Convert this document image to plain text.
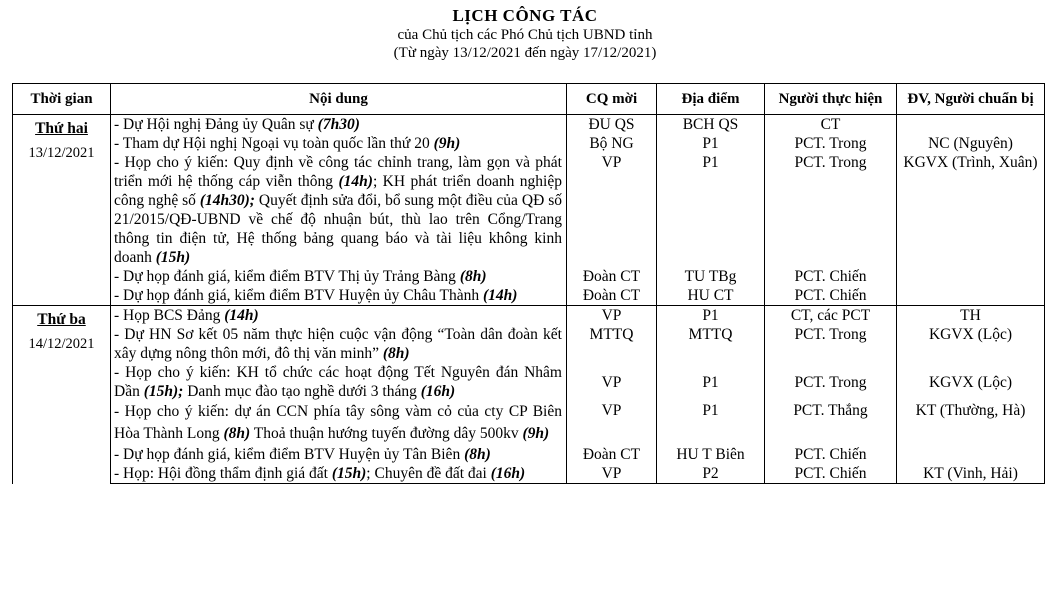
LỊCH CÔNG TÁC
của Chủ tịch các Phó Chủ tịch UBND tỉnh
(Từ ngày 13/12/2021 đến ngày 17/12/2021)
Thời gian	Nội dung	CQ mời	Địa điểm	Người thực hiện	ĐV, Người chuẩn bị

Thứ hai
13/12/2021	- Dự Hội nghị Đảng ủy Quân sự (7h30)	ĐU QS	BCH QS	CT	
	- Tham dự Hội nghị Ngoại vụ toàn quốc lần thứ 20 (9h)	Bộ NG	P1	PCT. Trong	NC (Nguyên)
	- Họp cho ý kiến: Quy định về công tác chỉnh trang, làm gọn và phát triển mới hệ thống cáp viễn thông (14h); KH phát triển doanh nghiệp công nghệ số (14h30); Quyết định sửa đổi, bổ sung một điều của QĐ số 21/2015/QĐ-UBND về chế độ nhuận bút, thù lao trên Cổng/Trang thông tin điện tử, Hệ thống bảng quang báo và tài liệu không kinh doanh (15h)	VP	P1	PCT. Trong	KGVX (Trình, Xuân)
	- Dự họp đánh giá, kiểm điểm BTV Thị ủy Trảng Bàng (8h)	Đoàn CT	TU TBg	PCT. Chiến	
	- Dự họp đánh giá, kiểm điểm BTV Huyện ủy Châu Thành (14h)	Đoàn CT	HU CT	PCT. Chiến	

Thứ ba
14/12/2021	- Họp BCS Đảng (14h)	VP	P1	CT, các PCT	TH
	- Dự HN Sơ kết 05 năm thực hiện cuộc vận động “Toàn dân đoàn kết xây dựng nông thôn mới, đô thị văn minh” (8h)	MTTQ	MTTQ	PCT. Trong	KGVX (Lộc)
	- Họp cho ý kiến: KH tổ chức các hoạt động Tết Nguyên đán Nhâm Dần (15h); Danh mục đào tạo nghề dưới 3 tháng (16h)	VP	P1	PCT. Trong	KGVX (Lộc)
	- Họp cho ý kiến: dự án CCN phía tây sông vàm cỏ của cty CP Biên Hòa Thành Long (8h) Thoả thuận hướng tuyến đường dây 500kv (9h)	VP	P1	PCT. Thắng	KT (Thường, Hà)
	- Dự họp đánh giá, kiểm điểm BTV Huyện ủy Tân Biên (8h)	Đoàn CT	HU T Biên	PCT. Chiến	
	- Họp: Hội đồng thẩm định giá đất (15h); Chuyên đề đất đai (16h)	VP	P2	PCT. Chiến	KT (Vinh, Hải)
